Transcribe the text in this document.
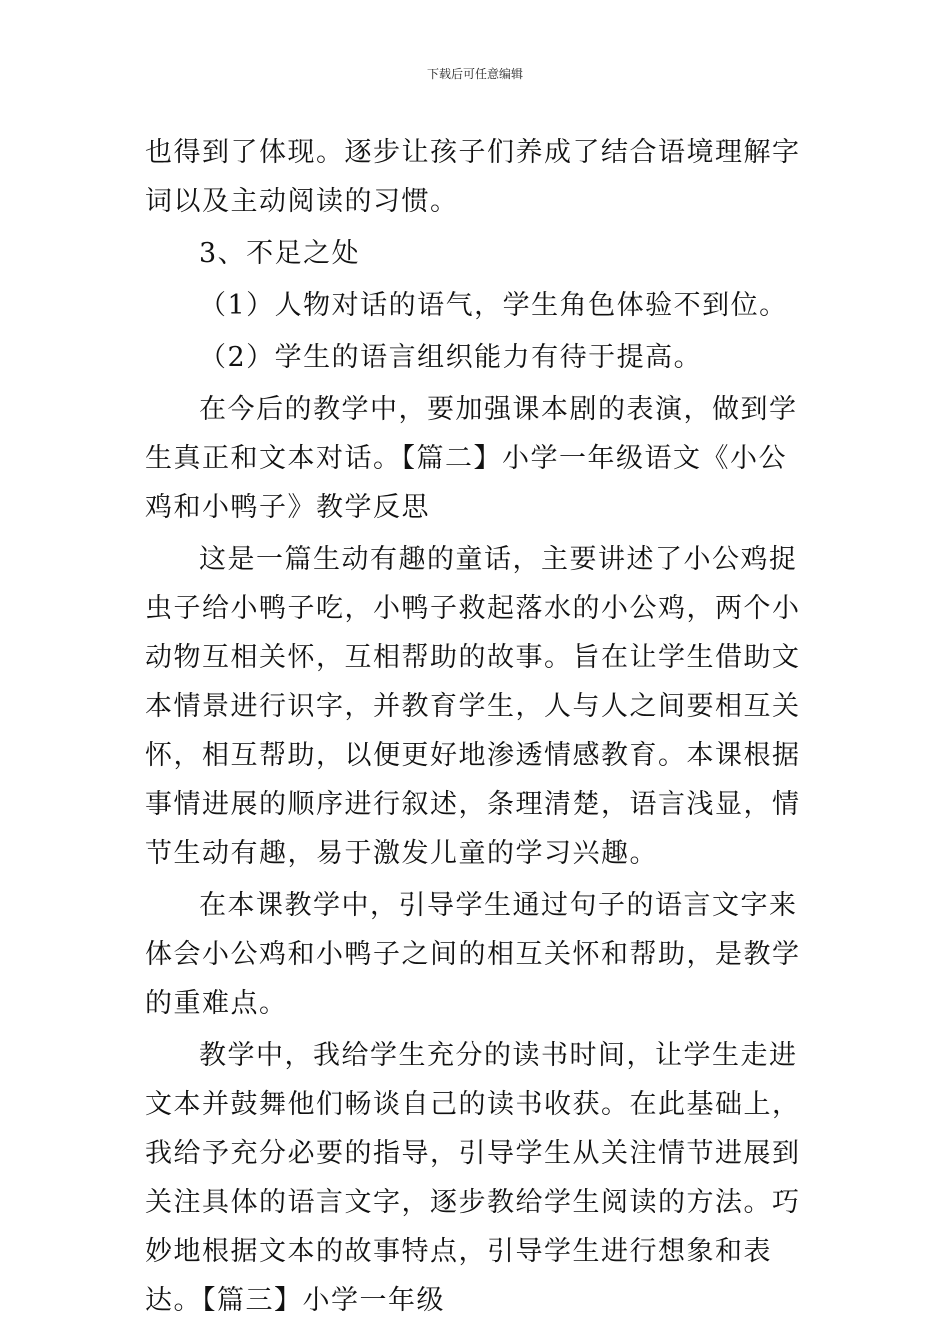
下载后可任意编辑

也得到了体现。逐步让孩子们养成了结合语境理解字词以及主动阅读的习惯。

3、不足之处

（1）人物对话的语气，学生角色体验不到位。

（2）学生的语言组织能力有待于提高。

在今后的教学中，要加强课本剧的表演，做到学生真正和文本对话。【篇二】小学一年级语文《小公鸡和小鸭子》教学反思

这是一篇生动有趣的童话，主要讲述了小公鸡捉虫子给小鸭子吃，小鸭子救起落水的小公鸡，两个小动物互相关怀，互相帮助的故事。旨在让学生借助文本情景进行识字，并教育学生，人与人之间要相互关怀，相互帮助，以便更好地渗透情感教育。本课根据事情进展的顺序进行叙述，条理清楚，语言浅显，情节生动有趣，易于激发儿童的学习兴趣。

在本课教学中，引导学生通过句子的语言文字来体会小公鸡和小鸭子之间的相互关怀和帮助，是教学的重难点。

教学中，我给学生充分的读书时间，让学生走进文本并鼓舞他们畅谈自己的读书收获。在此基础上，我给予充分必要的指导，引导学生从关注情节进展到关注具体的语言文字，逐步教给学生阅读的方法。巧妙地根据文本的故事特点，引导学生进行想象和表达。【篇三】小学一年级
